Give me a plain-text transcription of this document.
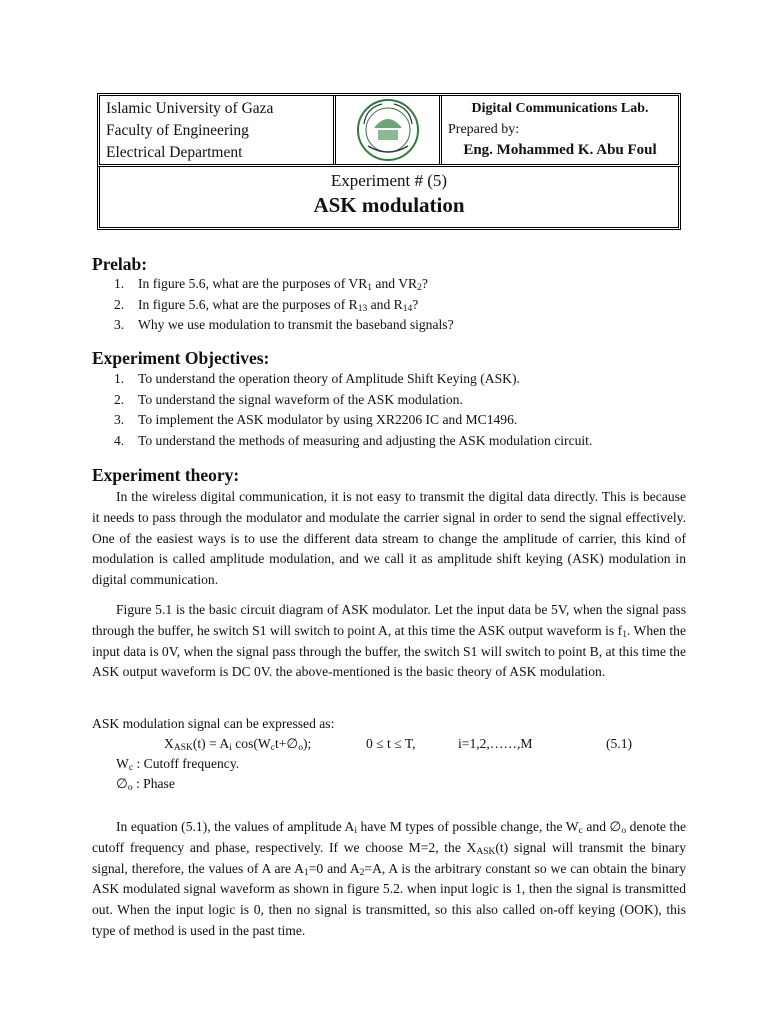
Islamic University of Gaza
Faculty of Engineering
Electrical Department
Digital Communications Lab.
Prepared by:
Eng. Mohammed K. Abu Foul
Experiment # (5)
ASK modulation
Prelab:
1. In figure 5.6, what are the purposes of $VR_1$ and $VR_2$?
2. In figure 5.6, what are the purposes of $R_{13}$ and $R_{14}$?
3. Why we use modulation to transmit the baseband signals?
Experiment Objectives:
1. To understand the operation theory of Amplitude Shift Keying (ASK).
2. To understand the signal waveform of the ASK modulation.
3. To implement the ASK modulator by using XR2206 IC and MC1496.
4. To understand the methods of measuring and adjusting the ASK modulation circuit.
Experiment theory:
In the wireless digital communication, it is not easy to transmit the digital data directly. This is because it needs to pass through the modulator and modulate the carrier signal in order to send the signal effectively. One of the easiest ways is to use the different data stream to change the amplitude of carrier, this kind of modulation is called amplitude modulation, and we call it as amplitude shift keying (ASK) modulation in digital communication.
Figure 5.1 is the basic circuit diagram of ASK modulator. Let the input data be 5V, when the signal pass through the buffer, he switch S1 will switch to point A, at this time the ASK output waveform is $f_1$. When the input data is 0V, when the signal pass through the buffer, the switch S1 will switch to point B, at this time the ASK output waveform is DC 0V. the above-mentioned is the basic theory of ASK modulation.
ASK modulation signal can be expressed as:
$X_{ASK}(t) = A_i$ $\cos(W_ct+\emptyset_o)$;	0 ≤ t ≤ T,	i=1,2,……,M	(5.1)
$W_c$ : Cutoff frequency.
$\emptyset_o$ : Phase
In equation (5.1), the values of amplitude $A_i$ have M types of possible change, the $W_c$ and $\emptyset_o$ denote the cutoff frequency and phase, respectively. If we choose M=2, the $X_{ASK}(t)$ signal will transmit the binary signal, therefore, the values of A are $A_1=0$ and $A_2=A$, A is the arbitrary constant so we can obtain the binary ASK modulated signal waveform as shown in figure 5.2. when input logic is 1, then the signal is transmitted out. When the input logic is 0, then no signal is transmitted, so this also called on-off keying (OOK), this type of method is used in the past time.
